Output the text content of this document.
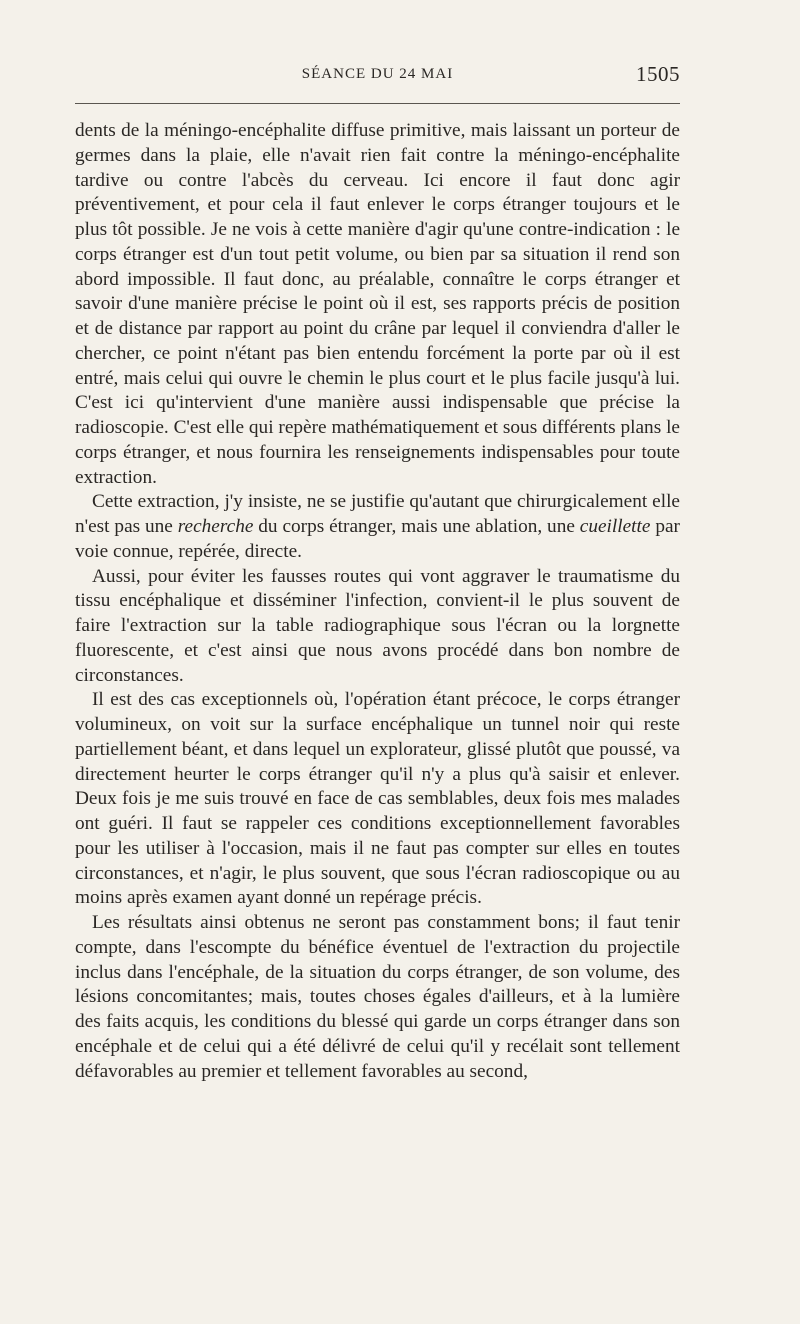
SÉANCE DU 24 MAI	1505

dents de la méningo-encéphalite diffuse primitive, mais laissant un porteur de germes dans la plaie, elle n'avait rien fait contre la méningo-encéphalite tardive ou contre l'abcès du cerveau. Ici encore il faut donc agir préventivement, et pour cela il faut enlever le corps étranger toujours et le plus tôt possible. Je ne vois à cette manière d'agir qu'une contre-indication : le corps étranger est d'un tout petit volume, ou bien par sa situation il rend son abord impossible. Il faut donc, au préalable, connaître le corps étranger et savoir d'une manière précise le point où il est, ses rapports précis de position et de distance par rapport au point du crâne par lequel il conviendra d'aller le chercher, ce point n'étant pas bien entendu forcément la porte par où il est entré, mais celui qui ouvre le chemin le plus court et le plus facile jusqu'à lui. C'est ici qu'intervient d'une manière aussi indispensable que précise la radioscopie. C'est elle qui repère mathématiquement et sous différents plans le corps étranger, et nous fournira les renseignements indispensables pour toute extraction.

Cette extraction, j'y insiste, ne se justifie qu'autant que chirurgicalement elle n'est pas une recherche du corps étranger, mais une ablation, une cueillette par voie connue, repérée, directe.

Aussi, pour éviter les fausses routes qui vont aggraver le traumatisme du tissu encéphalique et disséminer l'infection, convient-il le plus souvent de faire l'extraction sur la table radiographique sous l'écran ou la lorgnette fluorescente, et c'est ainsi que nous avons procédé dans bon nombre de circonstances.

Il est des cas exceptionnels où, l'opération étant précoce, le corps étranger volumineux, on voit sur la surface encéphalique un tunnel noir qui reste partiellement béant, et dans lequel un explorateur, glissé plutôt que poussé, va directement heurter le corps étranger qu'il n'y a plus qu'à saisir et enlever. Deux fois je me suis trouvé en face de cas semblables, deux fois mes malades ont guéri. Il faut se rappeler ces conditions exceptionnellement favorables pour les utiliser à l'occasion, mais il ne faut pas compter sur elles en toutes circonstances, et n'agir, le plus souvent, que sous l'écran radioscopique ou au moins après examen ayant donné un repérage précis.

Les résultats ainsi obtenus ne seront pas constamment bons; il faut tenir compte, dans l'escompte du bénéfice éventuel de l'extraction du projectile inclus dans l'encéphale, de la situation du corps étranger, de son volume, des lésions concomitantes; mais, toutes choses égales d'ailleurs, et à la lumière des faits acquis, les conditions du blessé qui garde un corps étranger dans son encéphale et de celui qui a été délivré de celui qu'il y recélait sont tellement défavorables au premier et tellement favorables au second,
